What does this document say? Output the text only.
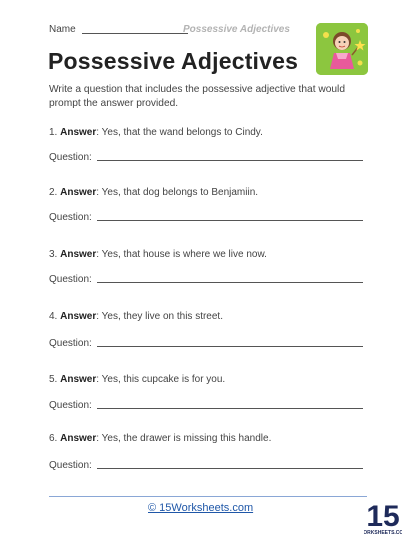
Name	Possessive Adjectives
Possessive Adjectives
Write a question that includes the possessive adjective that would prompt the answer provided.
1. Answer: Yes, that the wand belongs to Cindy.
Question:
2. Answer: Yes, that dog belongs to Benjamiin.
Question:
3. Answer: Yes, that house is where we live now.
Question:
4. Answer: Yes, they live on this street.
Question:
5. Answer: Yes, this cupcake is for you.
Question:
6. Answer: Yes, the drawer is missing this handle.
Question:
© 15Worksheets.com	15
ORKSHEETS.CO
